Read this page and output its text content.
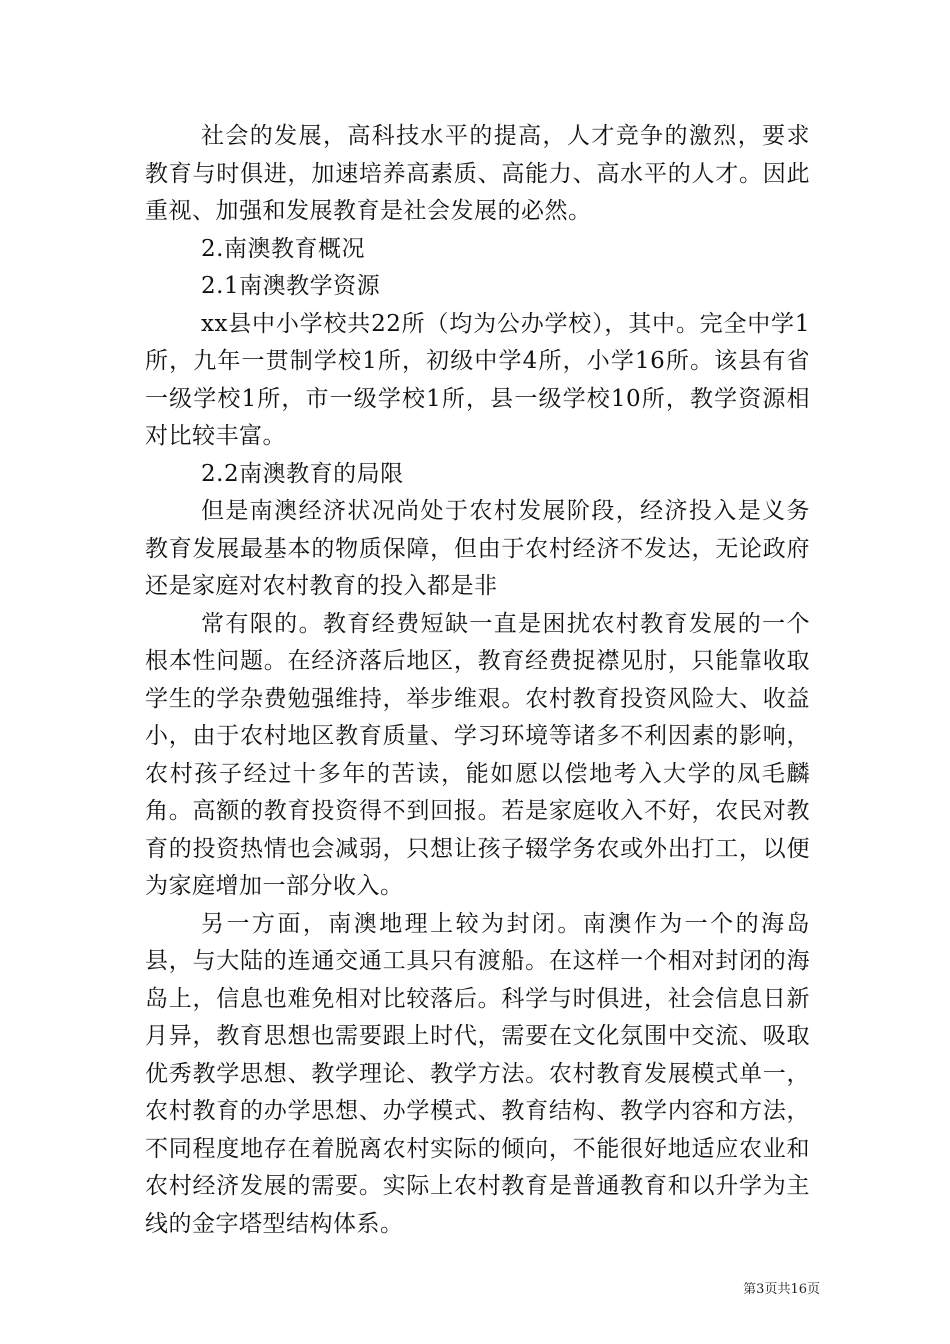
社会的发展，高科技水平的提高，人才竞争的激烈，要求教育与时俱进，加速培养高素质、高能力、高水平的人才。因此重视、加强和发展教育是社会发展的必然。

2.南澳教育概况

2.1南澳教学资源

xx县中小学校共22所（均为公办学校），其中。完全中学1所，九年一贯制学校1所，初级中学4所，小学16所。该县有省一级学校1所，市一级学校1所，县一级学校10所，教学资源相对比较丰富。

2.2南澳教育的局限

但是南澳经济状况尚处于农村发展阶段，经济投入是义务教育发展最基本的物质保障，但由于农村经济不发达，无论政府还是家庭对农村教育的投入都是非

常有限的。教育经费短缺一直是困扰农村教育发展的一个根本性问题。在经济落后地区，教育经费捉襟见肘，只能靠收取学生的学杂费勉强维持，举步维艰。农村教育投资风险大、收益小，由于农村地区教育质量、学习环境等诸多不利因素的影响，农村孩子经过十多年的苦读，能如愿以偿地考入大学的凤毛麟角。高额的教育投资得不到回报。若是家庭收入不好，农民对教育的投资热情也会减弱，只想让孩子辍学务农或外出打工，以便为家庭增加一部分收入。

另一方面，南澳地理上较为封闭。南澳作为一个的海岛县，与大陆的连通交通工具只有渡船。在这样一个相对封闭的海岛上，信息也难免相对比较落后。科学与时俱进，社会信息日新月异，教育思想也需要跟上时代，需要在文化氛围中交流、吸取优秀教学思想、教学理论、教学方法。农村教育发展模式单一，农村教育的办学思想、办学模式、教育结构、教学内容和方法，不同程度地存在着脱离农村实际的倾向，不能很好地适应农业和农村经济发展的需要。实际上农村教育是普通教育和以升学为主线的金字塔型结构体系。

第3页共16页
